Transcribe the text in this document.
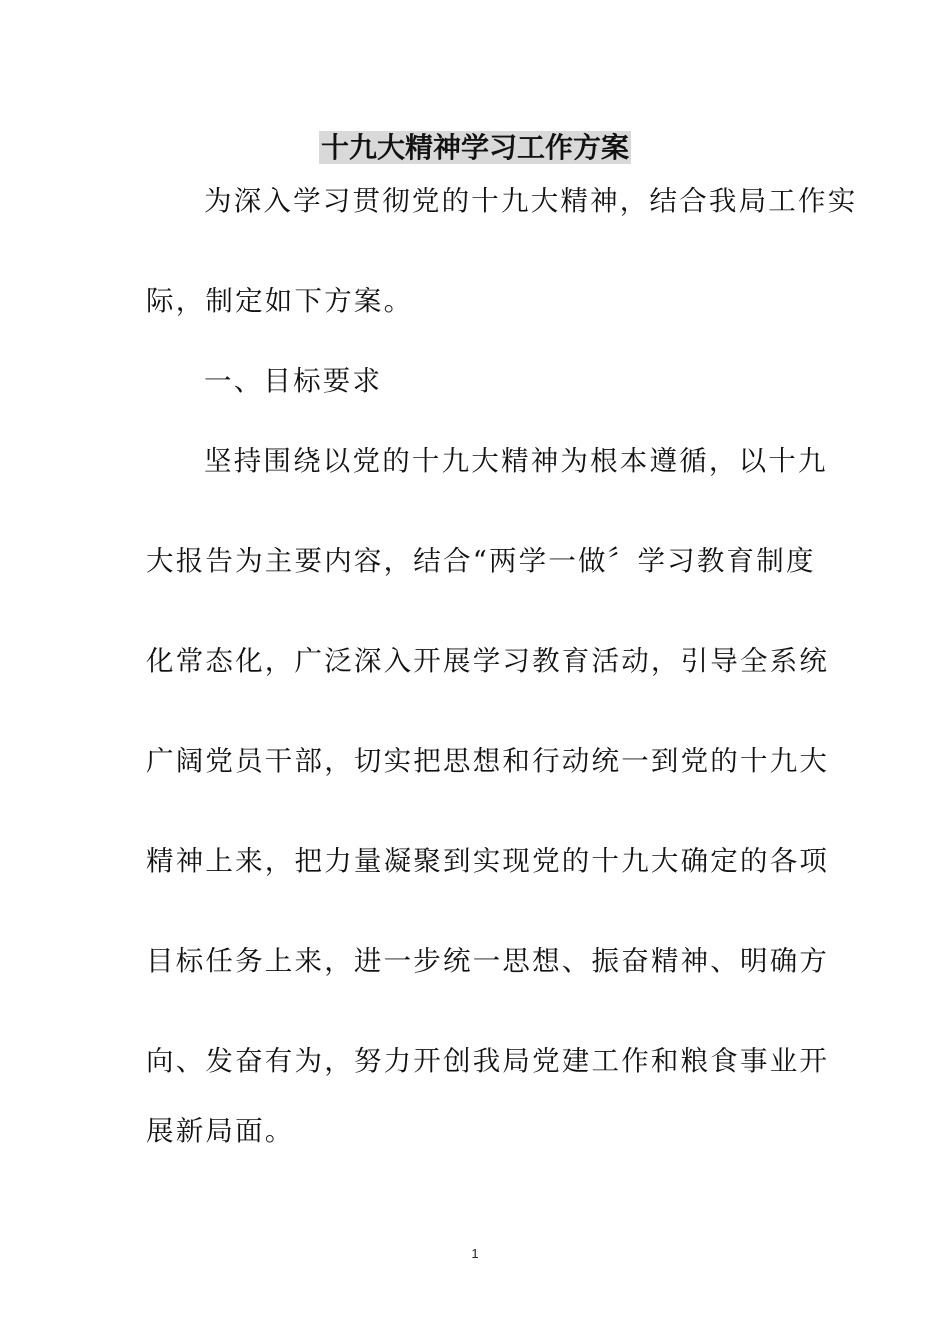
十九大精神学习工作方案

为深入学习贯彻党的十九大精神，结合我局工作实

际，制定如下方案。

一、目标要求

坚持围绕以党的十九大精神为根本遵循，以十九

大报告为主要内容，结合“两学一做〞学习教育制度

化常态化，广泛深入开展学习教育活动，引导全系统

广阔党员干部，切实把思想和行动统一到党的十九大

精神上来，把力量凝聚到实现党的十九大确定的各项

目标任务上来，进一步统一思想、振奋精神、明确方

向、发奋有为，努力开创我局党建工作和粮食事业开

展新局面。

1
